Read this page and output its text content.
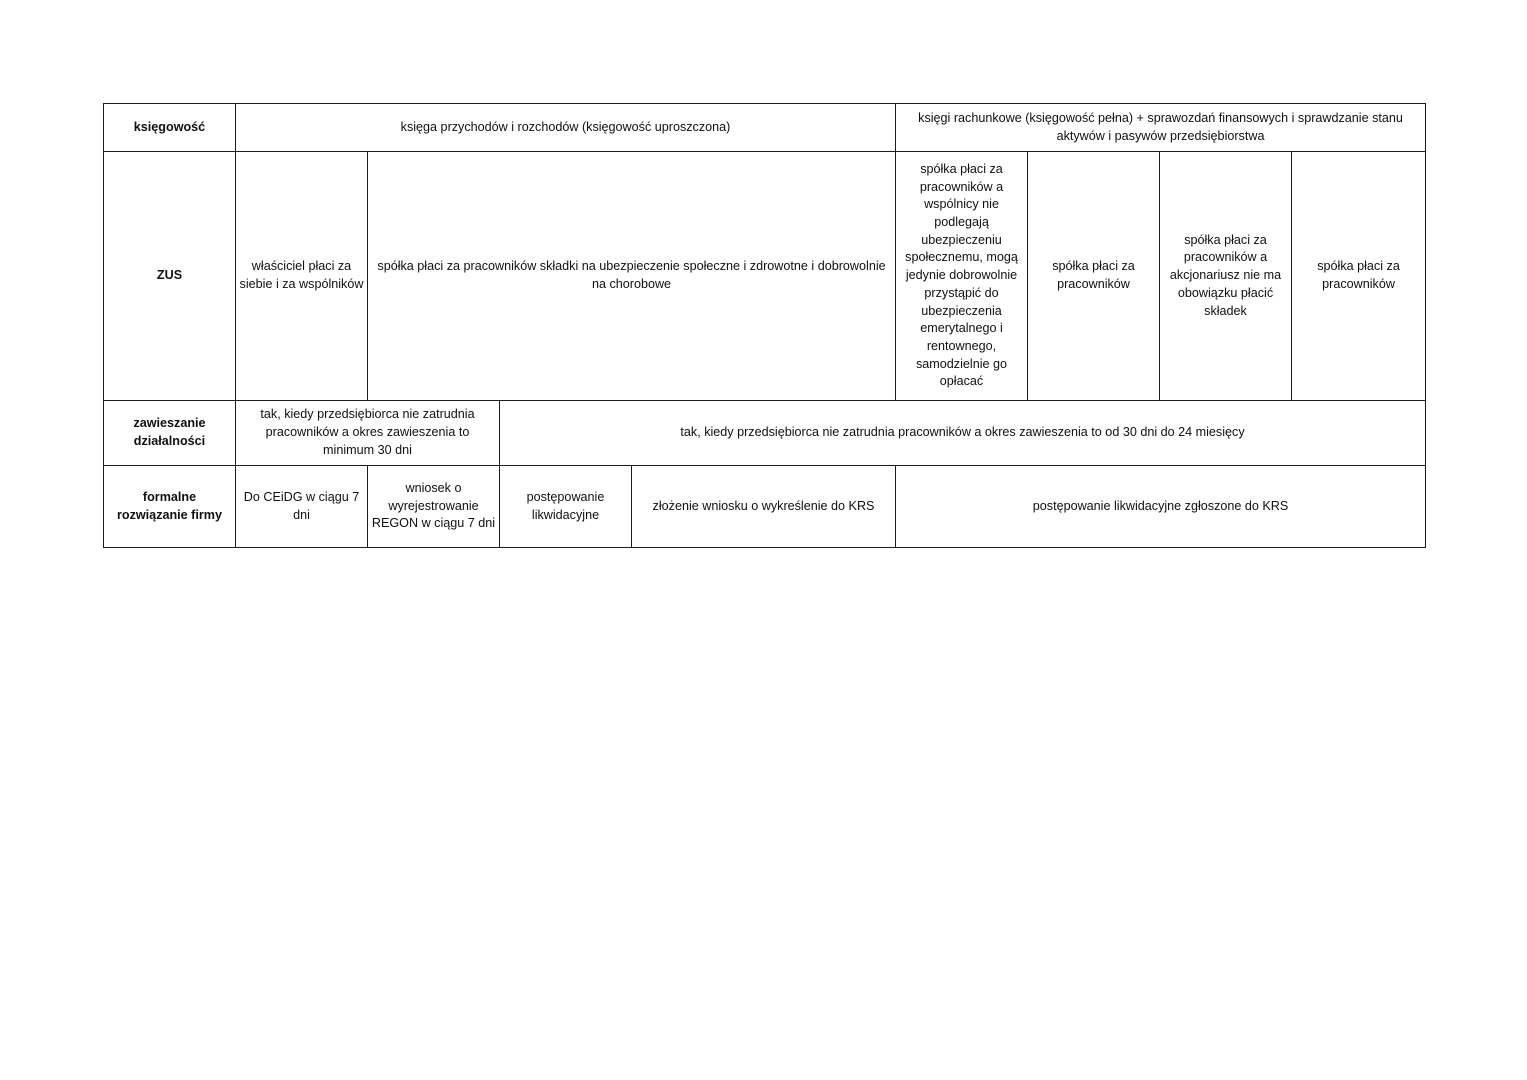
księgowość	księga przychodów i rozchodów (księgowość uproszczona)				księgi rachunkowe (księgowość pełna) + sprawozdań finansowych i sprawdzanie stanu aktywów i pasywów przedsiębiorstwa			
ZUS	właściciel płaci za siebie i za wspólników	spółka płaci za pracowników składki na ubezpieczenie społeczne i zdrowotne i dobrowolnie na chorobowe			spółka płaci za pracowników a wspólnicy nie podlegają ubezpieczeniu społecznemu, mogą jedynie dobrowolnie przystąpić do ubezpieczenia emerytalnego i rentownego, samodzielnie go opłacać	spółka płaci za pracowników	spółka płaci za pracowników a akcjonariusz nie ma obowiązku płacić składek	spółka płaci za pracowników
zawieszanie działalności	tak, kiedy przedsiębiorca nie zatrudnia pracowników a okres zawieszenia to minimum 30 dni		tak, kiedy przedsiębiorca nie zatrudnia pracowników a okres zawieszenia to od 30 dni do 24 miesięcy					
formalne rozwiązanie firmy	Do CEiDG w ciągu 7 dni	wniosek o wyrejestrowanie REGON w ciągu 7 dni	postępowanie likwidacyjne	złożenie wniosku o wykreślenie do KRS	postępowanie likwidacyjne zgłoszone do KRS			
